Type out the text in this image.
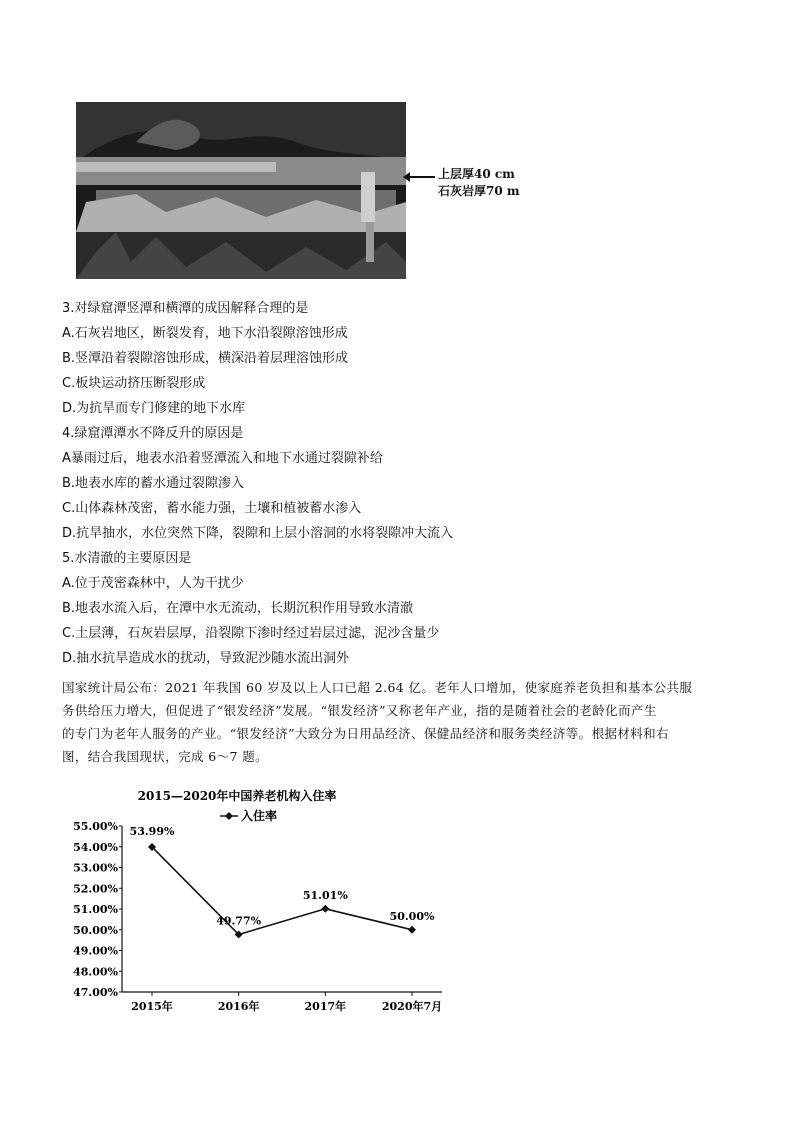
上层厚40 cm
石灰岩厚70 m
3.对绿窟潭竖潭和横潭的成因解释合理的是
A.石灰岩地区，断裂发育，地下水沿裂隙溶蚀形成
B.竖潭沿着裂隙溶蚀形成，横深沿着层理溶蚀形成
C.板块运动挤压断裂形成
D.为抗旱而专门修建的地下水库
4.绿窟潭潭水不降反升的原因是
A暴雨过后，地表水沿着竖潭流入和地下水通过裂隙补给
B.地表水库的蓄水通过裂隙渗入
C.山体森林茂密，蓄水能力强，土壤和植被蓄水渗入
D.抗旱抽水，水位突然下降，裂隙和上层小溶洞的水将裂隙冲大流入
5.水清澈的主要原因是
A.位于茂密森林中，人为干扰少
B.地表水流入后，在潭中水无流动，长期沉积作用导致水清澈
C.土层薄，石灰岩层厚，沿裂隙下渗时经过岩层过滤，泥沙含量少
D.抽水抗旱造成水的扰动，导致泥沙随水流出洞外
国家统计局公布：2021 年我国 60 岁及以上人口已超 2.64 亿。老年人口增加，使家庭养老负担和基本公共服
务供给压力增大，但促进了“银发经济”发展。“银发经济”又称老年产业，指的是随着社会的老龄化而产生
的专门为老年人服务的产业。“银发经济”大致分为日用品经济、保健品经济和服务类经济等。根据材料和右
图，结合我国现状，完成 6～7 题。
2015—2020年中国养老机构入住率
入住率
55.00%
54.00%
53.00%
52.00%
51.00%
50.00%
49.00%
48.00%
47.00%
2015年	2016年	2017年	2020年7月
53.99%
49.77%
51.01%
50.00%
